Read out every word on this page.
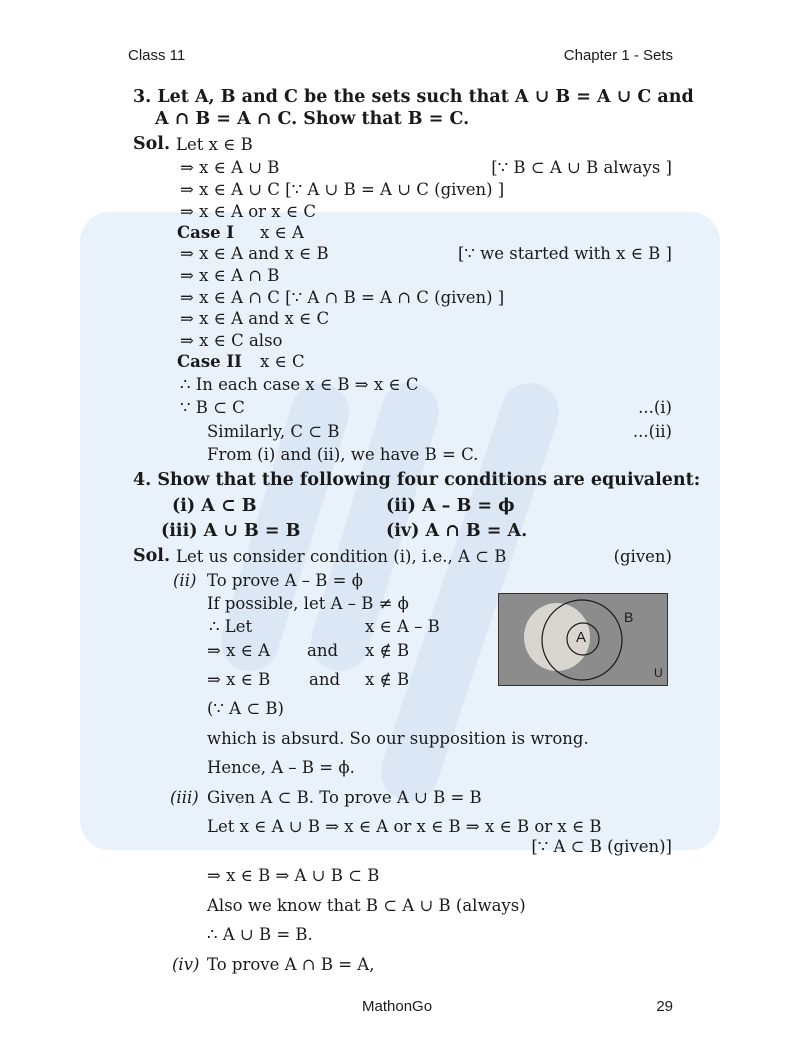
Class 11	Chapter 1 - Sets
3. Let A, B and C be the sets such that A ∪ B = A ∪ C and
A ∩ B = A ∩ C. Show that B = C.
Sol. Let x ∈ B
⇒ x ∈ A ∪ B	[∵ B ⊂ A ∪ B always ]
⇒ x ∈ A ∪ C [∵ A ∪ B = A ∪ C (given) ]
⇒ x ∈ A or x ∈ C
Case I x ∈ A
⇒ x ∈ A and x ∈ B	[∵ we started with x ∈ B ]
⇒ x ∈ A ∩ B
⇒ x ∈ A ∩ C [∵ A ∩ B = A ∩ C (given) ]
⇒ x ∈ A and x ∈ C
⇒ x ∈ C also
Case II x ∈ C
∴ In each case x ∈ B ⇒ x ∈ C
∵ B ⊂ C	...(i)
Similarly, C ⊂ B	...(ii)
From (i) and (ii), we have B = C.
4. Show that the following four conditions are equivalent:
(i) A ⊂ B	(ii) A – B = ϕ
(iii) A ∪ B = B	(iv) A ∩ B = A.
Sol. Let us consider condition (i), i.e., A ⊂ B	(given)
(ii) To prove A – B = ϕ
If possible, let A – B ≠ ϕ
∴ Let	x ∈ A – B
⇒ x ∈ A and x ∉ B
⇒ x ∈ B and x ∉ B
(∵ A ⊂ B)
which is absurd. So our supposition is wrong.
Hence, A – B = ϕ.
(iii) Given A ⊂ B. To prove A ∪ B = B
Let x ∈ A ∪ B ⇒ x ∈ A or x ∈ B ⇒ x ∈ B or x ∈ B
[∵ A ⊂ B (given)]
⇒ x ∈ B ⇒ A ∪ B ⊂ B
Also we know that B ⊂ A ∪ B (always)
∴ A ∪ B = B.
(iv) To prove A ∩ B = A,
A
B
U
MathonGo	29
